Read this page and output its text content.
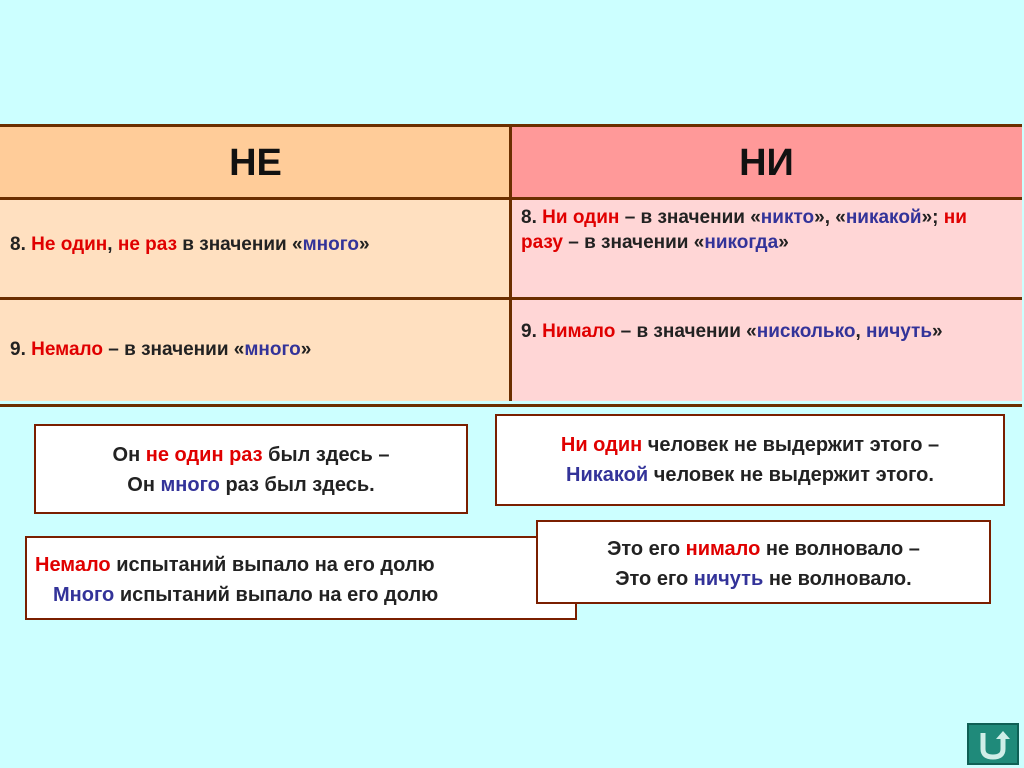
НЕ	НИ
8. Не один, не раз в значении «много»
8. Ни один – в значении «никто», «никакой»; ни разу – в значении «никогда»
9. Немало – в значении «много»
9. Нимало – в значении «нисколько, ничуть»

Он не один раз был здесь –

Он много раз был здесь.

Ни один человек не выдержит этого –

Никакой человек не выдержит этого.

Немало испытаний выпало на его долю

Много испытаний выпало на его долю

Это его нимало не волновало –

Это его ничуть не волновало.
